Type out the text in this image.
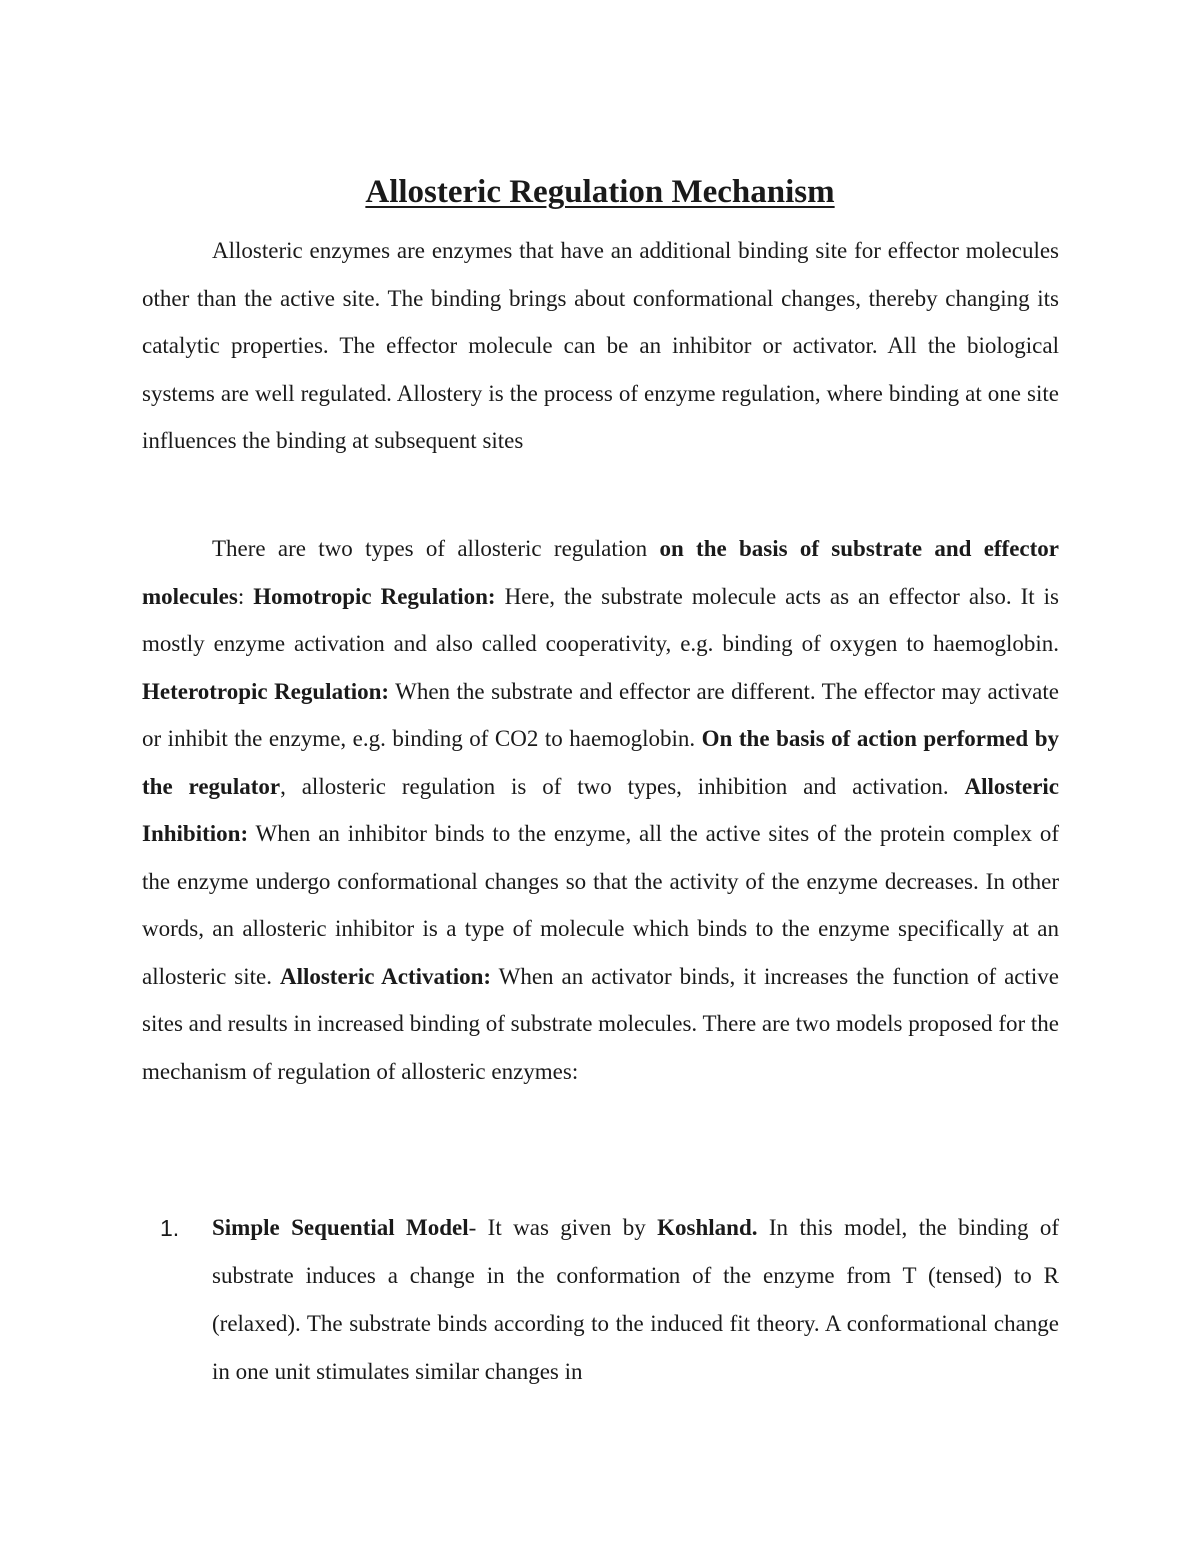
Allosteric Regulation Mechanism

Allosteric enzymes are enzymes that have an additional binding site for effector molecules other than the active site. The binding brings about conformational changes, thereby changing its catalytic properties. The effector molecule can be an inhibitor or activator. All the biological systems are well regulated. Allostery is the process of enzyme regulation, where binding at one site influences the binding at subsequent sites

There are two types of allosteric regulation on the basis of substrate and effector molecules: Homotropic Regulation: Here, the substrate molecule acts as an effector also. It is mostly enzyme activation and also called cooperativity, e.g. binding of oxygen to haemoglobin. Heterotropic Regulation: When the substrate and effector are different. The effector may activate or inhibit the enzyme, e.g. binding of CO2 to haemoglobin. On the basis of action performed by the regulator, allosteric regulation is of two types, inhibition and activation. Allosteric Inhibition: When an inhibitor binds to the enzyme, all the active sites of the protein complex of the enzyme undergo conformational changes so that the activity of the enzyme decreases. In other words, an allosteric inhibitor is a type of molecule which binds to the enzyme specifically at an allosteric site. Allosteric Activation: When an activator binds, it increases the function of active sites and results in increased binding of substrate molecules. There are two models proposed for the mechanism of regulation of allosteric enzymes:

1. Simple Sequential Model- It was given by Koshland. In this model, the binding of substrate induces a change in the conformation of the enzyme from T (tensed) to R (relaxed). The substrate binds according to the induced fit theory. A conformational change in one unit stimulates similar changes in
